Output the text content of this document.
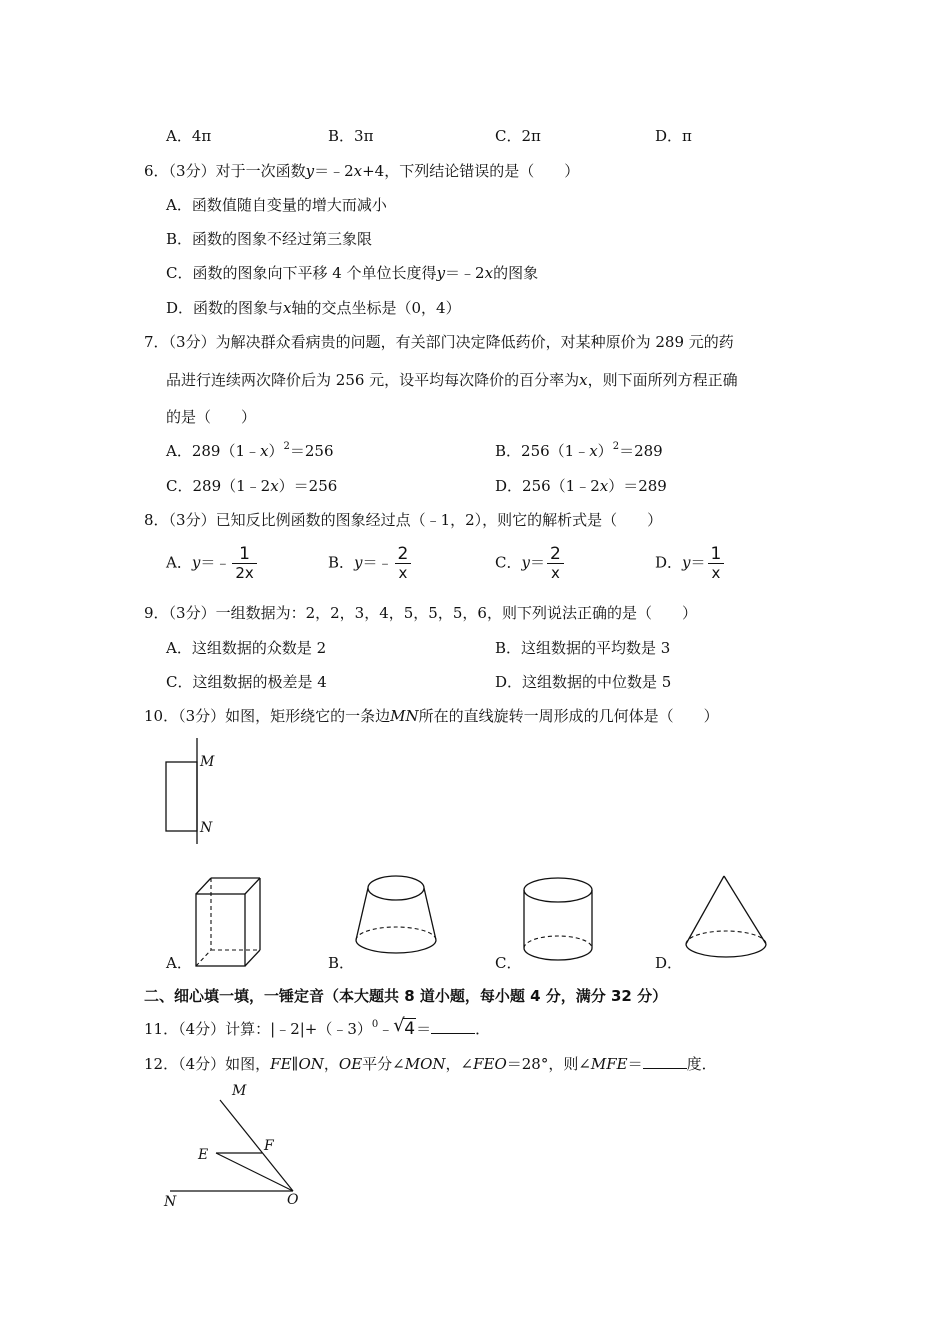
A．4π	B．3π	C．2π	D．π
6．（3分）对于一次函数y＝﹣2x+4，下列结论错误的是（　　）
A．函数值随自变量的增大而减小
B．函数的图象不经过第三象限
C．函数的图象向下平移 4 个单位长度得y＝﹣2x的图象
D．函数的图象与x轴的交点坐标是（0，4）
7．（3分）为解决群众看病贵的问题，有关部门决定降低药价，对某种原价为 289 元的药
品进行连续两次降价后为 256 元，设平均每次降价的百分率为x，则下面所列方程正确
的是（　　）
A．289（1﹣x）$^2$＝256	B．256（1﹣x）$^2$＝289
C．289（1﹣2x）＝256	D．256（1﹣2x）＝289
8．（3分）已知反比例函数的图象经过点（﹣1，2），则它的解析式是（　　）
A．y＝﹣ $\frac{1}{2x}$	B．y＝﹣ $\frac{2}{x}$	C．$y= \frac{2}{x}$	D．$y= \frac{1}{x}$
9．（3分）一组数据为：2，2，3，4，5，5，5，6，则下列说法正确的是（　　）
A．这组数据的众数是 2	B．这组数据的平均数是 3
C．这组数据的极差是 4	D．这组数据的中位数是 5
10．（3分）如图，矩形绕它的一条边MN所在的直线旋转一周形成的几何体是（　　）
M
N
A．	B．	C．	D．
二、细心填一填，一锤定音（本大题共 8 道小题，每小题 4 分，满分 32 分）
11．（4分）计算：|﹣2|+（﹣3）$^0$﹣ √ 4＝	．
12．（4分）如图，FE∥ON，OE平分∠MON，∠FEO＝28°，则∠MFE＝	度．
M
E
F
N	O
